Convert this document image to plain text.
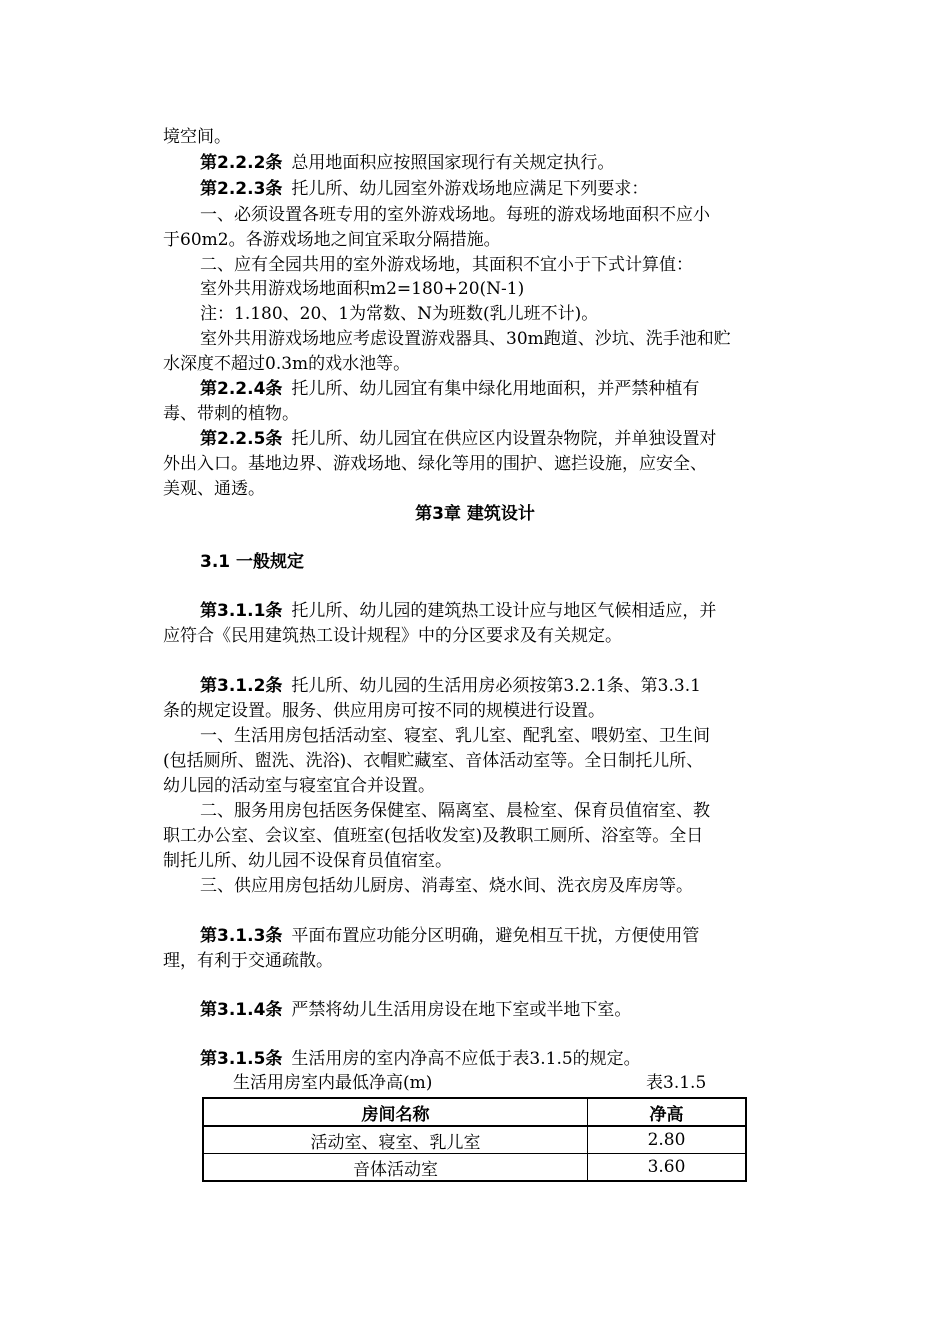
境空间。
第2.2.2条 总用地面积应按照国家现行有关规定执行。
第2.2.3条 托儿所、幼儿园室外游戏场地应满足下列要求：
一、必须设置各班专用的室外游戏场地。每班的游戏场地面积不应小
于60m2。各游戏场地之间宜采取分隔措施。
二、应有全园共用的室外游戏场地，其面积不宜小于下式计算值：
室外共用游戏场地面积m2=180+20(N-1)
注：1.180、20、1为常数、N为班数(乳儿班不计)。
室外共用游戏场地应考虑设置游戏器具、30m跑道、沙坑、洗手池和贮
水深度不超过0.3m的戏水池等。
第2.2.4条 托儿所、幼儿园宜有集中绿化用地面积，并严禁种植有
毒、带刺的植物。
第2.2.5条 托儿所、幼儿园宜在供应区内设置杂物院，并单独设置对
外出入口。基地边界、游戏场地、绿化等用的围护、遮拦设施，应安全、
美观、通透。
第3章 建筑设计
3.1 一般规定
第3.1.1条 托儿所、幼儿园的建筑热工设计应与地区气候相适应，并
应符合《民用建筑热工设计规程》中的分区要求及有关规定。
第3.1.2条 托儿所、幼儿园的生活用房必须按第3.2.1条、第3.3.1
条的规定设置。服务、供应用房可按不同的规模进行设置。
一、生活用房包括活动室、寝室、乳儿室、配乳室、喂奶室、卫生间
(包括厕所、盥洗、洗浴)、衣帽贮藏室、音体活动室等。全日制托儿所、
幼儿园的活动室与寝室宜合并设置。
二、服务用房包括医务保健室、隔离室、晨检室、保育员值宿室、教
职工办公室、会议室、值班室(包括收发室)及教职工厕所、浴室等。全日
制托儿所、幼儿园不设保育员值宿室。
三、供应用房包括幼儿厨房、消毒室、烧水间、洗衣房及库房等。
第3.1.3条 平面布置应功能分区明确，避免相互干扰，方便使用管
理，有利于交通疏散。
第3.1.4条 严禁将幼儿生活用房设在地下室或半地下室。
第3.1.5条 生活用房的室内净高不应低于表3.1.5的规定。
生活用房室内最低净高(m)	表3.1.5
房间名称	净高
活动室、寝室、乳儿室	2.80
音体活动室	3.60
